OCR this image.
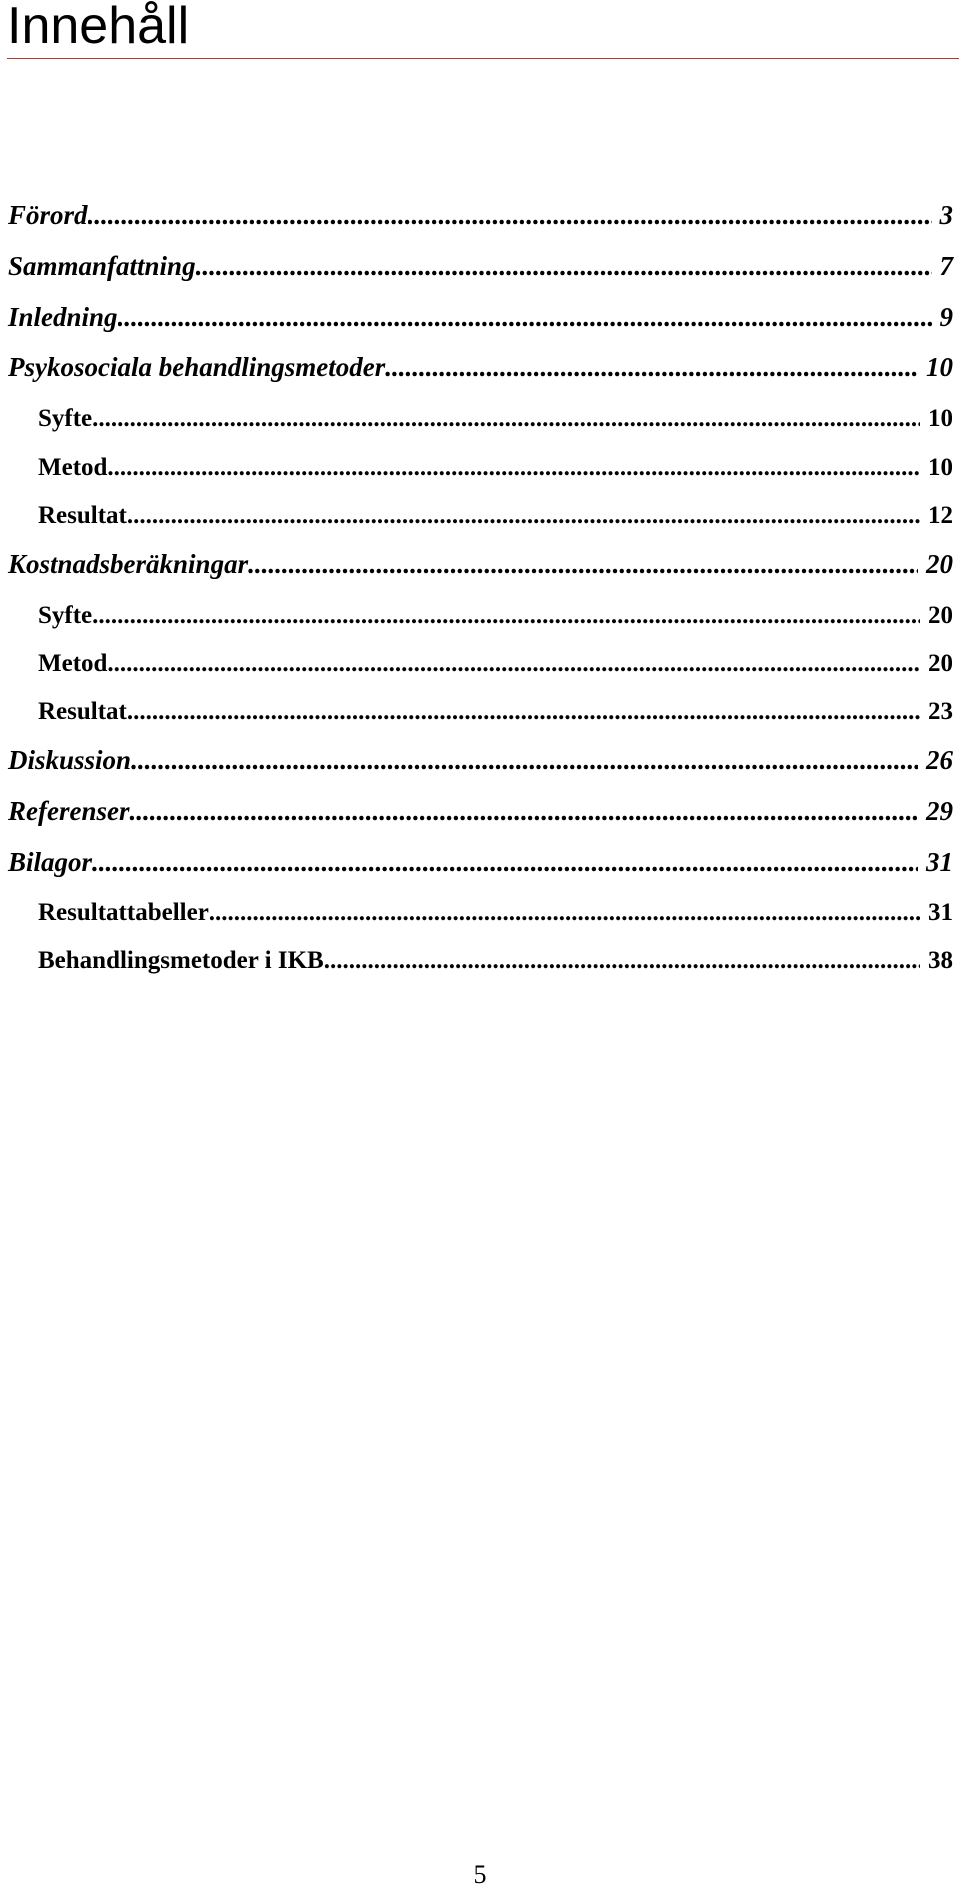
Innehåll
Förord .....	3
Sammanfattning .....	7
Inledning .....	9
Psykosociala behandlingsmetoder .....	10
Syfte .....	10
Metod .....	10
Resultat .....	12
Kostnadsberäkningar .....	20
Syfte .....	20
Metod .....	20
Resultat .....	23
Diskussion .....	26
Referenser .....	29
Bilagor .....	31
Resultattabeller .....	31
Behandlingsmetoder i IKB .....	38
5
